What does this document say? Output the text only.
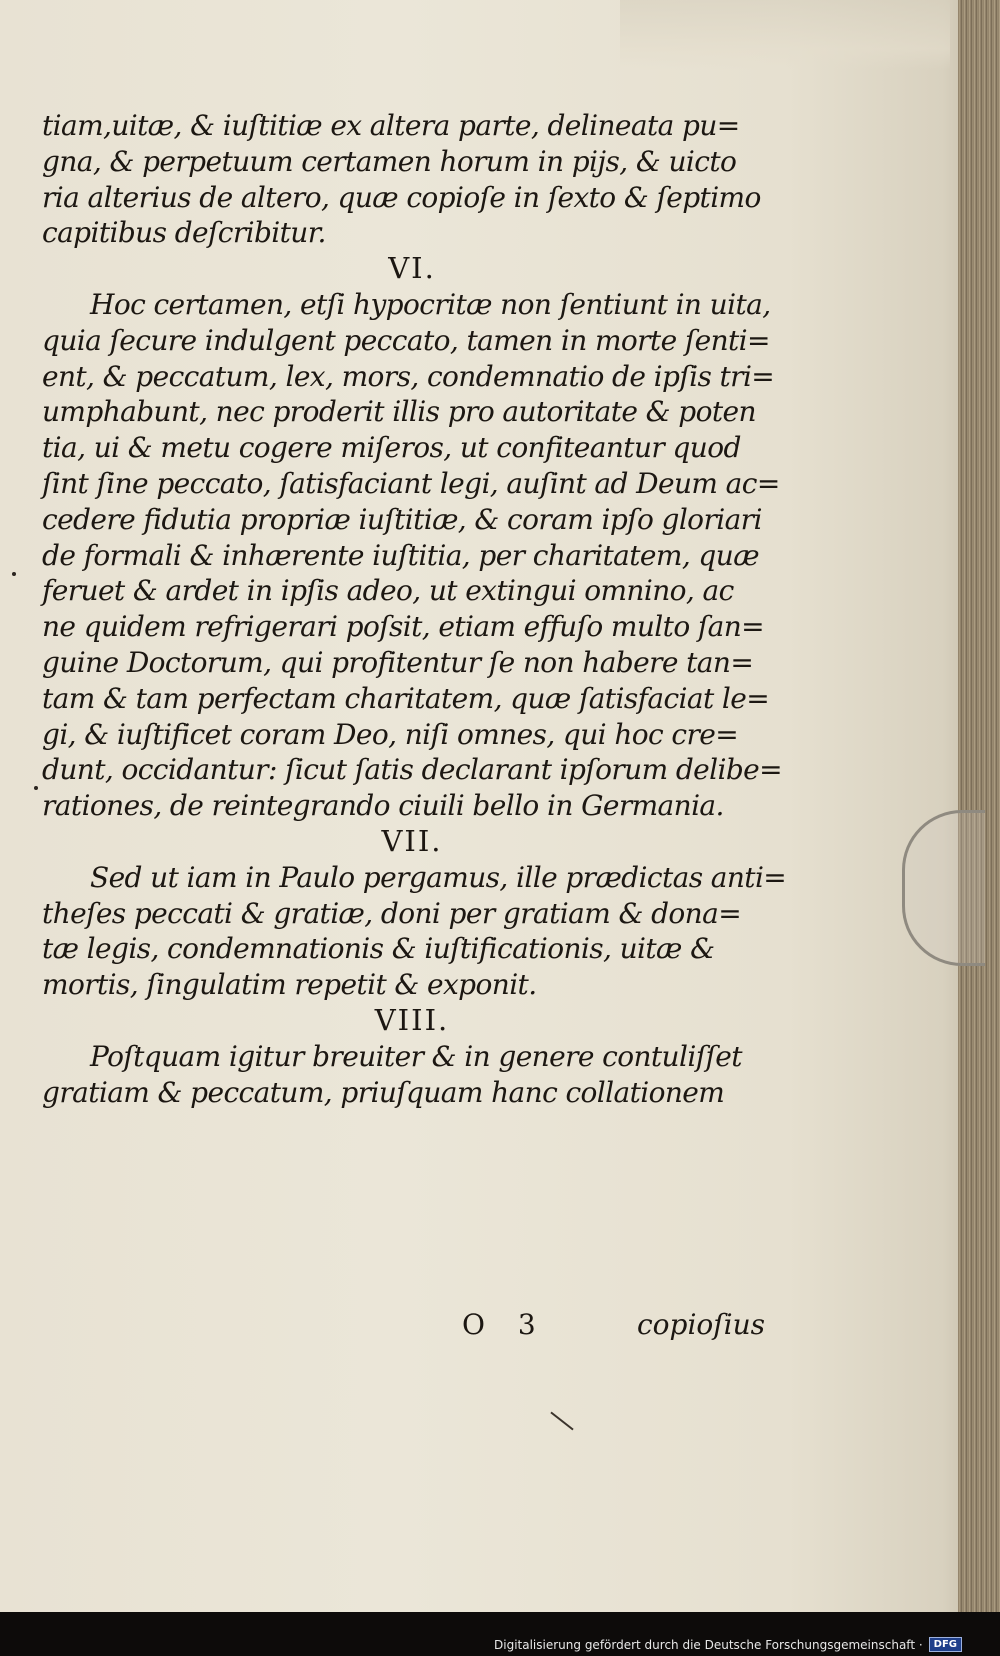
tiam,uitæ, & iuſtitiæ ex altera parte, delineata pu=
gna, & perpetuum certamen horum in pijs, & uicto
ria alterius de altero, quæ copioſe in ſexto & ſeptimo
capitibus deſcribitur.
VI.
Hoc certamen, etſi hypocritæ non ſentiunt in uita,
quia ſecure indulgent peccato, tamen in morte ſenti=
ent, & peccatum, lex, mors, condemnatio de ipſis tri=
umphabunt, nec proderit illis pro autoritate & poten
tia, ui & metu cogere miſeros, ut confiteantur quod
ſint ſine peccato, ſatisfaciant legi, auſint ad Deum ac=
cedere fidutia propriæ iuſtitiæ, & coram ipſo gloriari
de formali & inhærente iuſtitia, per charitatem, quæ
feruet & ardet in ipſis adeo, ut extingui omnino, ac
ne quidem refrigerari poſsit, etiam effuſo multo ſan=
guine Doctorum, qui profitentur ſe non habere tan=
tam & tam perfectam charitatem, quæ ſatisfaciat le=
gi, & iuſtificet coram Deo, niſi omnes, qui hoc cre=
dunt, occidantur: ſicut ſatis declarant ipſorum delibe=
rationes, de reintegrando ciuili bello in Germania.
VII.
Sed ut iam in Paulo pergamus, ille prædictas anti=
theſes peccati & gratiæ, doni per gratiam & dona=
tæ legis, condemnationis & iuſtificationis, uitæ &
mortis, ſingulatim repetit & exponit.
VIII.
Poſtquam igitur breuiter & in genere contuliſſet
gratiam & peccatum, priuſquam hanc collationem
O 3	copioſius
Digitalisierung gefördert durch die Deutsche Forschungsgemeinschaft ·	DFG
